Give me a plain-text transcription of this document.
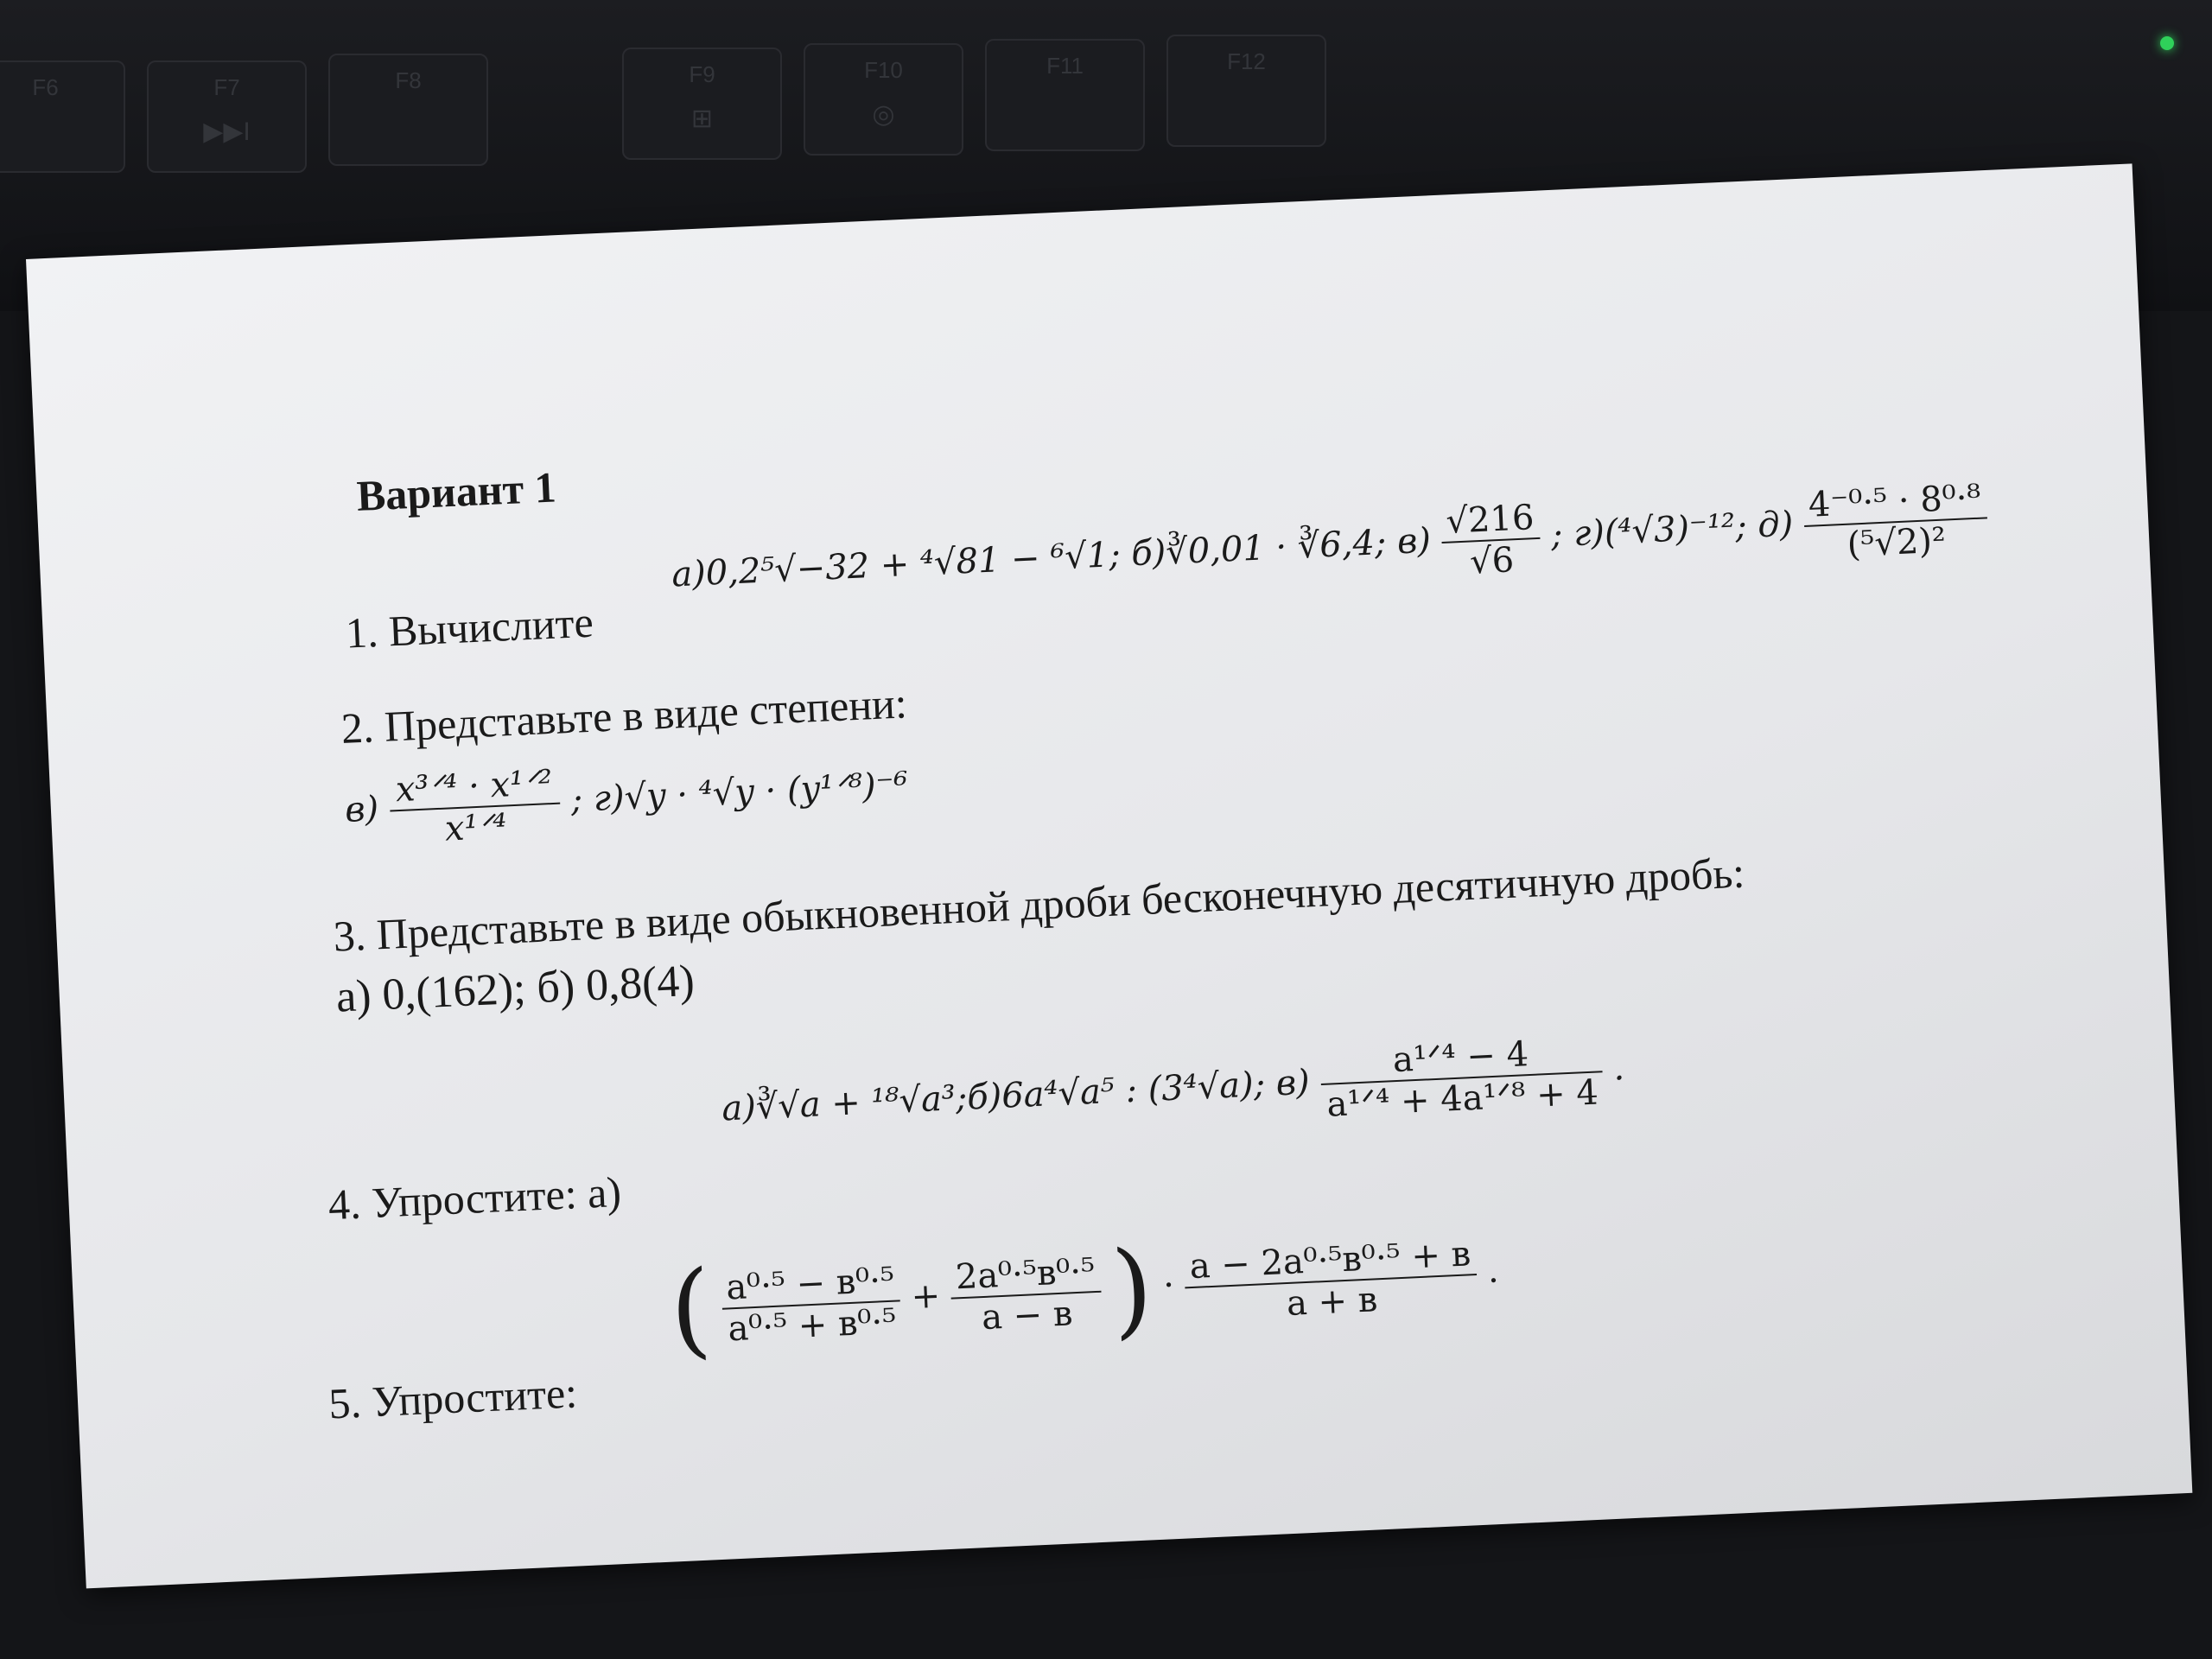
F6	F7
▶▶I
F8	F9
⊞
F10
◎
F11	F12
Вариант 1
а)0,2⁵√−32 + ⁴√81 − ⁶√1; б)∛0,01 · ∛6,4; $в) \frac{√216}{√6}$ ; г)(⁴√3)⁻¹²; $д) \frac{\text{4⁻⁰·⁵ · 8⁰·⁸}}{\text{(⁵√2)²}}$
1. Вычислите
2. Представьте в виде степени:
в) x³ᐟ⁴ · x¹ᐟ²
x¹ᐟ⁴
; г)√y · ⁴√y · (y¹ᐟ⁸)⁻⁶
3. Представьте в виде обыкновенной дроби бесконечную десятичную дробь:
а) 0,(162); б) 0,8(4)
а)∛√a + ¹⁸√a³;б)6a⁴√a⁵ : (3⁴√a); в)
a¹ᐟ⁴ − 4
a¹ᐟ⁴ + 4a¹ᐟ⁸ + 4
.
4. Упростите: а)
( a⁰·⁵ − в⁰·⁵
a⁰·⁵ + в⁰·⁵
+ 2a⁰·⁵в⁰·⁵
a − в ) · a − 2a⁰·⁵в⁰·⁵ + в
a + в
.
5. Упростите:
